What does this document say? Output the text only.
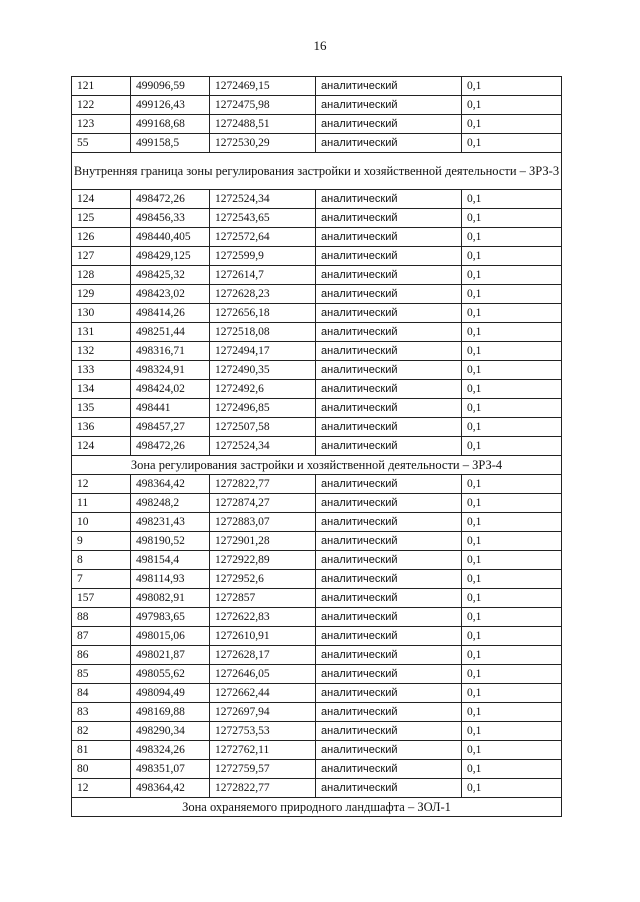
16
121	499096,59	1272469,15	аналитический	0,1
122	499126,43	1272475,98	аналитический	0,1
123	499168,68	1272488,51	аналитический	0,1
55	499158,5	1272530,29	аналитический	0,1
Внутренняя граница зоны регулирования застройки и хозяйственной деятельности – ЗРЗ-3				
124	498472,26	1272524,34	аналитический	0,1
125	498456,33	1272543,65	аналитический	0,1
126	498440,405	1272572,64	аналитический	0,1
127	498429,125	1272599,9	аналитический	0,1
128	498425,32	1272614,7	аналитический	0,1
129	498423,02	1272628,23	аналитический	0,1
130	498414,26	1272656,18	аналитический	0,1
131	498251,44	1272518,08	аналитический	0,1
132	498316,71	1272494,17	аналитический	0,1
133	498324,91	1272490,35	аналитический	0,1
134	498424,02	1272492,6	аналитический	0,1
135	498441	1272496,85	аналитический	0,1
136	498457,27	1272507,58	аналитический	0,1
124	498472,26	1272524,34	аналитический	0,1
Зона регулирования застройки и хозяйственной деятельности – ЗРЗ-4				
12	498364,42	1272822,77	аналитический	0,1
11	498248,2	1272874,27	аналитический	0,1
10	498231,43	1272883,07	аналитический	0,1
9	498190,52	1272901,28	аналитический	0,1
8	498154,4	1272922,89	аналитический	0,1
7	498114,93	1272952,6	аналитический	0,1
157	498082,91	1272857	аналитический	0,1
88	497983,65	1272622,83	аналитический	0,1
87	498015,06	1272610,91	аналитический	0,1
86	498021,87	1272628,17	аналитический	0,1
85	498055,62	1272646,05	аналитический	0,1
84	498094,49	1272662,44	аналитический	0,1
83	498169,88	1272697,94	аналитический	0,1
82	498290,34	1272753,53	аналитический	0,1
81	498324,26	1272762,11	аналитический	0,1
80	498351,07	1272759,57	аналитический	0,1
12	498364,42	1272822,77	аналитический	0,1
Зона охраняемого природного ландшафта – ЗОЛ-1				
